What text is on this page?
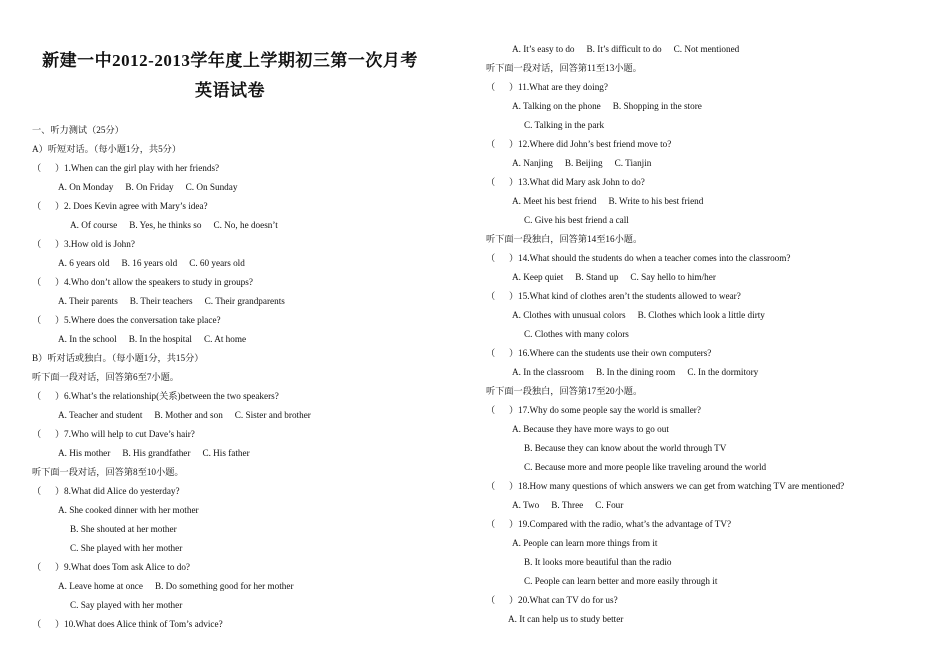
新建一中2012-2013学年度上学期初三第一次月考
英语试卷
一、听力测试（25分）
A）听短对话。（每小题1分，共5分）
（      ）1.When can the girl play with her friends?
A. On Monday B. On Friday C. On Sunday
（      ）2. Does Kevin agree with Mary’s idea?
A. Of course B. Yes, he thinks so C. No, he doesn’t
（      ）3.How old is John?
A. 6 years old B. 16 years old C. 60 years old
（      ）4.Who don’t allow the speakers to study in groups?
A. Their parents B. Their teachers C. Their grandparents
（      ）5.Where does the conversation take place?
A. In the school B. In the hospital C. At home
B）听对话或独白。（每小题1分，共15分）
听下面一段对话，回答第6至7小题。
（      ）6.What’s the relationship(关系)between the two speakers?
A. Teacher and student B. Mother and son C. Sister and brother
（      ）7.Who will help to cut Dave’s hair?
A. His mother B. His grandfather C. His father
听下面一段对话，回答第8至10小题。
（      ）8.What did Alice do yesterday?
A. She cooked dinner with her mother
B. She shouted at her mother
C. She played with her mother
（      ）9.What does Tom ask Alice to do?
A. Leave home at once B. Do something good for her mother
C. Say played with her mother
（      ）10.What does Alice think of Tom’s advice?
A. It’s easy to do B. It’s difficult to do C. Not mentioned
听下面一段对话，回答第11至13小题。
（      ）11.What are they doing?
A. Talking on the phone B. Shopping in the store
C. Talking in the park
（      ）12.Where did John’s best friend move to?
A. Nanjing B. Beijing C. Tianjin
（      ）13.What did Mary ask John to do?
A. Meet his best friend B. Write to his best friend
C. Give his best friend a call
听下面一段独白，回答第14至16小题。
（      ）14.What should the students do when a teacher comes into the classroom?
A. Keep quiet B. Stand up C. Say hello to him/her
（      ）15.What kind of clothes aren’t the students allowed to wear?
A. Clothes with unusual colors B. Clothes which look a little dirty
C. Clothes with many colors
（      ）16.Where can the students use their own computers?
A. In the classroom B. In the dining room C. In the dormitory
听下面一段独白，回答第17至20小题。
（      ）17.Why do some people say the world is smaller?
A. Because they have more ways to go out
B. Because they can know about the world through TV
C. Because more and more people like traveling around the world
（      ）18.How many questions of which answers we can get from watching TV are mentioned?
A. Two B. Three C. Four
（      ）19.Compared with the radio, what’s the advantage of TV?
A. People can learn more things from it
B. It looks more beautiful than the radio
C. People can learn better and more easily through it
（      ）20.What can TV do for us?
A. It can help us to study better
